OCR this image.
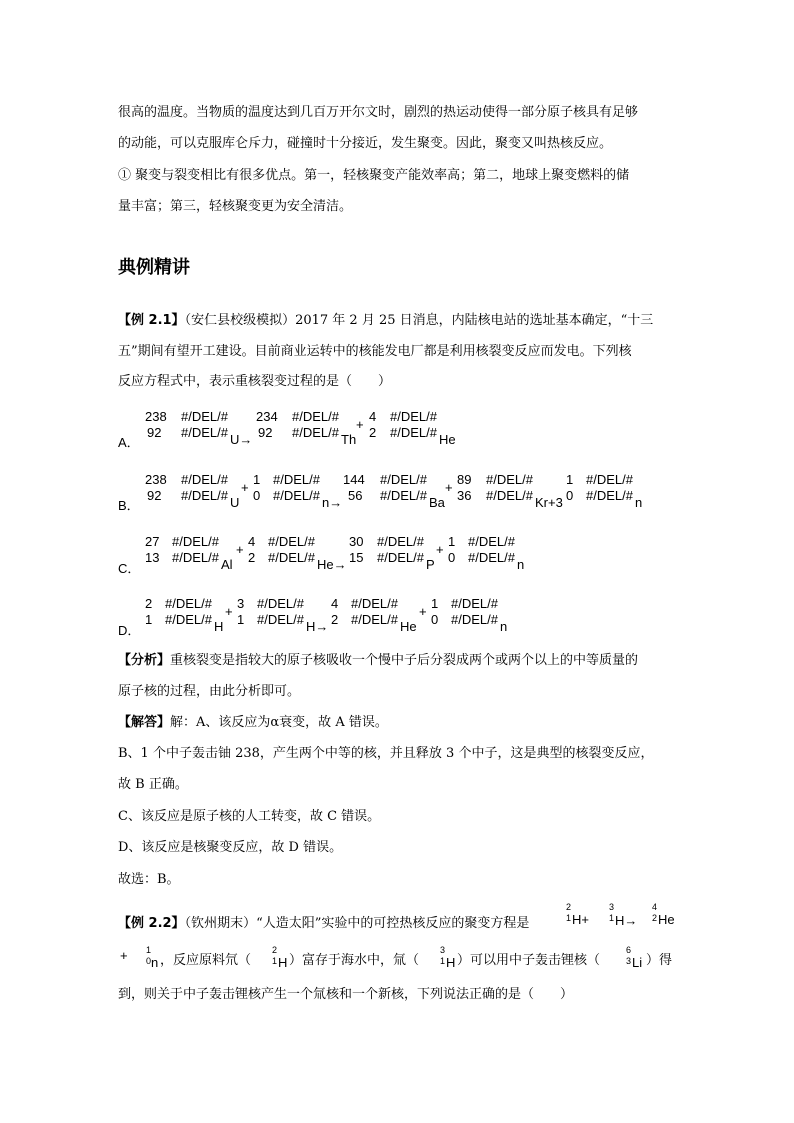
很高的温度。当物质的温度达到几百万开尔文时，剧烈的热运动使得一部分原子核具有足够
的动能，可以克服库仑斥力，碰撞时十分接近，发生聚变。因此，聚变又叫热核反应。
① 聚变与裂变相比有很多优点。第一，轻核聚变产能效率高；第二，地球上聚变燃料的储
量丰富；第三，轻核聚变更为安全清洁。
典例精讲
【例 2.1】（安仁县校级模拟）2017 年 2 月 25 日消息，内陆核电站的选址基本确定，“十三
五”期间有望开工建设。目前商业运转中的核能发电厂都是利用核裂变反应而发电。下列核
反应方程式中，表示重核裂变过程的是（　　）
A．
238
92
#/DEL/#
#/DEL/# U→
234
92
#/DEL/#
#/DEL/# Th
+
4
2
#/DEL/#
#/DEL/# He
B．
238
92
#/DEL/#
#/DEL/# U
+
1
0
#/DEL/#
#/DEL/# n→
144
56
#/DEL/#
#/DEL/# Ba
+
89
36
#/DEL/#
#/DEL/# Kr+3
1
0
#/DEL/#
#/DEL/# n
C．
27
13
#/DEL/#
#/DEL/# Al
+
4
2
#/DEL/#
#/DEL/# He→
30
15
#/DEL/#
#/DEL/# P
+
1
0
#/DEL/#
#/DEL/# n
D．
2
1
#/DEL/#
#/DEL/# H
+
3
1
#/DEL/#
#/DEL/# H→
4
2
#/DEL/#
#/DEL/# He
+
1
0
#/DEL/#
#/DEL/# n
【分析】重核裂变是指较大的原子核吸收一个慢中子后分裂成两个或两个以上的中等质量的
原子核的过程，由此分析即可。
【解答】解：A、该反应为α衰变，故 A 错误。
B、1 个中子轰击铀 238，产生两个中等的核，并且释放 3 个中子，这是典型的核裂变反应，
故 B 正确。
C、该反应是原子核的人工转变，故 C 错误。
D、该反应是核聚变反应，故 D 错误。
故选：B。
【例 2.2】（钦州期末）“人造太阳”实验中的可控热核反应的聚变方程是
2
1 H+
3
1 H→
4
2 He
+ 1
0 n ，反应原料氘（
2
1 H ）富存于海水中，氚（
3
1 H ）可以用中子轰击锂核（
6
3 Li ）得
到，则关于中子轰击锂核产生一个氚核和一个新核，下列说法正确的是（　　）
